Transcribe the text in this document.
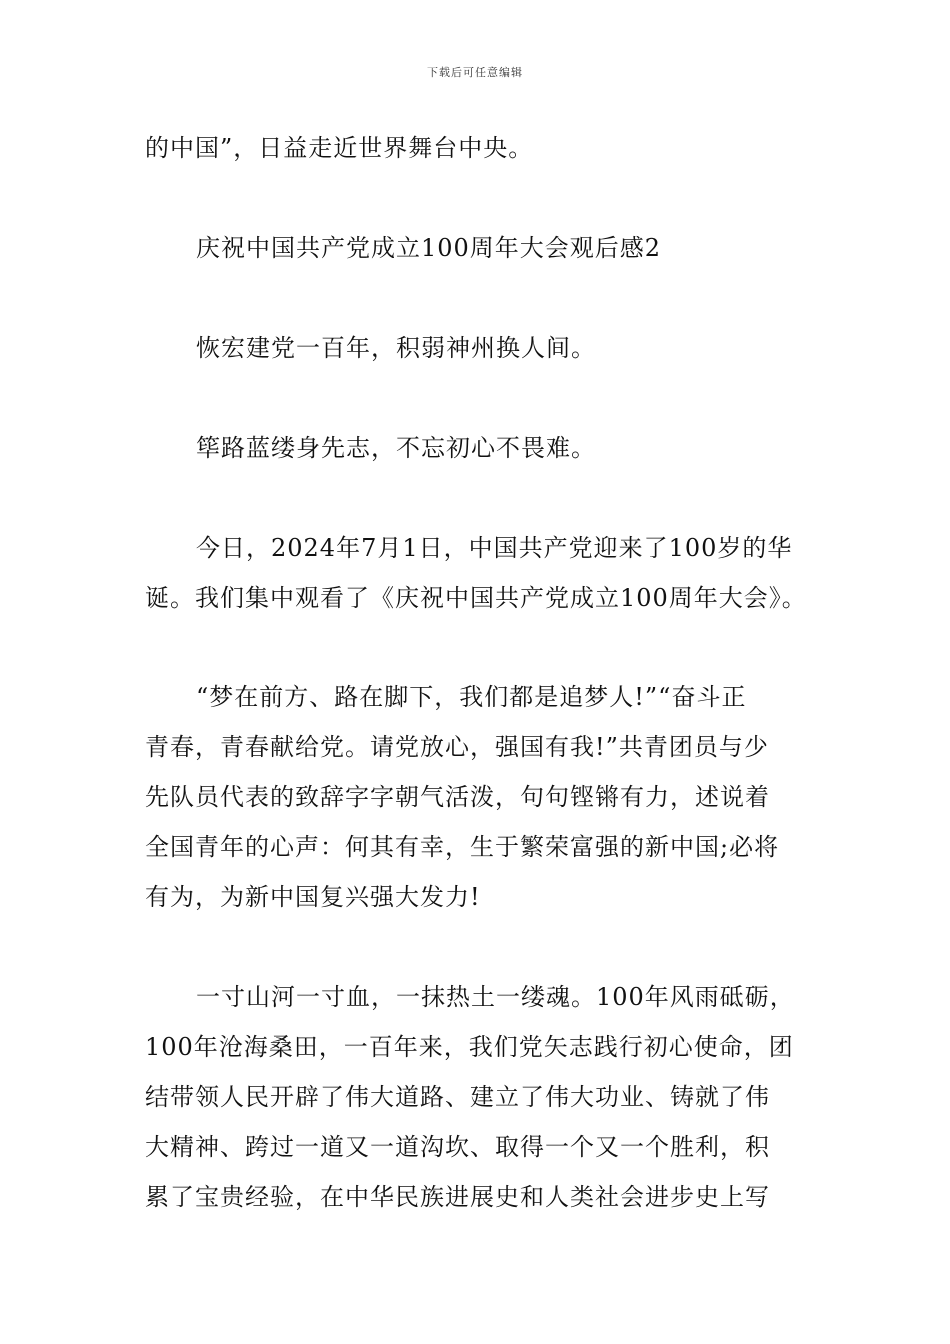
下载后可任意编辑
的中国”，日益走近世界舞台中央。
庆祝中国共产党成立100周年大会观后感2
恢宏建党一百年，积弱神州换人间。
筚路蓝缕身先志，不忘初心不畏难。
今日，2024年7月1日，中国共产党迎来了100岁的华
诞。我们集中观看了《庆祝中国共产党成立100周年大会》。
“梦在前方、路在脚下，我们都是追梦人!”“奋斗正
青春，青春献给党。请党放心，强国有我!”共青团员与少
先队员代表的致辞字字朝气活泼，句句铿锵有力，述说着
全国青年的心声：何其有幸，生于繁荣富强的新中国;必将
有为，为新中国复兴强大发力!
一寸山河一寸血，一抹热土一缕魂。100年风雨砥砺，
100年沧海桑田，一百年来，我们党矢志践行初心使命，团
结带领人民开辟了伟大道路、建立了伟大功业、铸就了伟
大精神、跨过一道又一道沟坎、取得一个又一个胜利，积
累了宝贵经验，在中华民族进展史和人类社会进步史上写
